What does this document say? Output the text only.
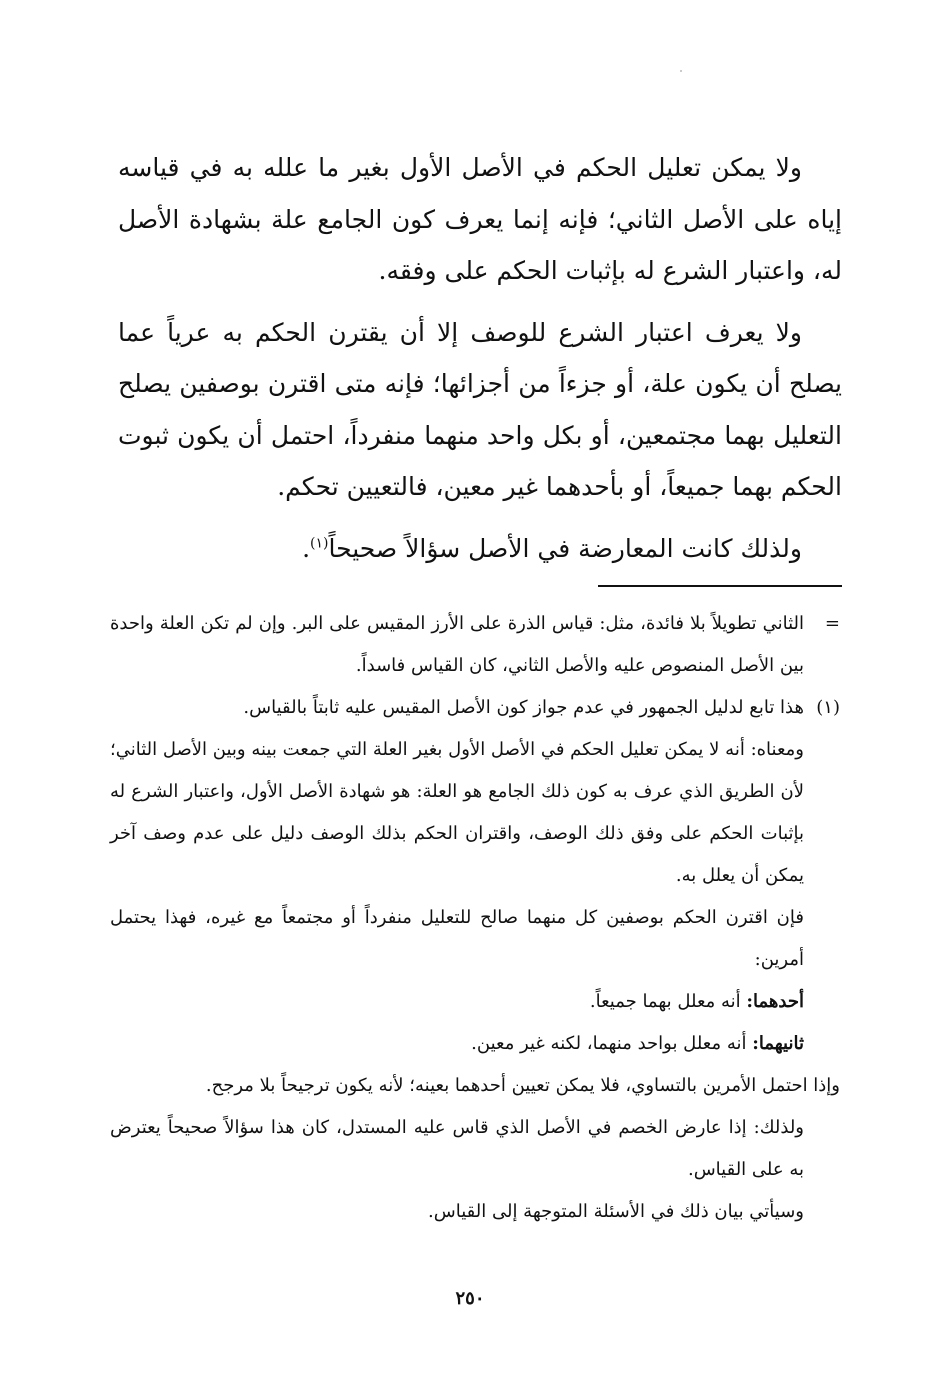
ولا يمكن تعليل الحكم في الأصل الأول بغير ما علله به في قياسه إياه على الأصل الثاني؛ فإنه إنما يعرف كون الجامع علة بشهادة الأصل له، واعتبار الشرع له بإثبات الحكم على وفقه.

ولا يعرف اعتبار الشرع للوصف إلا أن يقترن الحكم به عرياً عما يصلح أن يكون علة، أو جزءاً من أجزائها؛ فإنه متى اقترن بوصفين يصلح التعليل بهما مجتمعين، أو بكل واحد منهما منفرداً، احتمل أن يكون ثبوت الحكم بهما جميعاً، أو بأحدهما غير معين، فالتعيين تحكم.

ولذلك كانت المعارضة في الأصل سؤالاً صحيحاً$^{(١)}$.

=
الثاني تطويلاً بلا فائدة، مثل: قياس الذرة على الأرز المقيس على البر. وإن لم تكن العلة واحدة بين الأصل المنصوص عليه والأصل الثاني، كان القياس فاسداً.

(١)
هذا تابع لدليل الجمهور في عدم جواز كون الأصل المقيس عليه ثابتاً بالقياس.

ومعناه: أنه لا يمكن تعليل الحكم في الأصل الأول بغير العلة التي جمعت بينه وبين الأصل الثاني؛ لأن الطريق الذي عرف به كون ذلك الجامع هو العلة: هو شهادة الأصل الأول، واعتبار الشرع له بإثبات الحكم على وفق ذلك الوصف، واقتران الحكم بذلك الوصف دليل على عدم وصف آخر يمكن أن يعلل به.

فإن اقترن الحكم بوصفين كل منهما صالح للتعليل منفرداً أو مجتمعاً مع غيره، فهذا يحتمل أمرين:

أحدهما: أنه معلل بهما جميعاً.

ثانيهما: أنه معلل بواحد منهما، لكنه غير معين.

وإذا احتمل الأمرين بالتساوي، فلا يمكن تعيين أحدهما بعينه؛ لأنه يكون ترجيحاً بلا مرجح.

ولذلك: إذا عارض الخصم في الأصل الذي قاس عليه المستدل، كان هذا سؤالاً صحيحاً يعترض به على القياس.

وسيأتي بيان ذلك في الأسئلة المتوجهة إلى القياس.

٢٥٠
